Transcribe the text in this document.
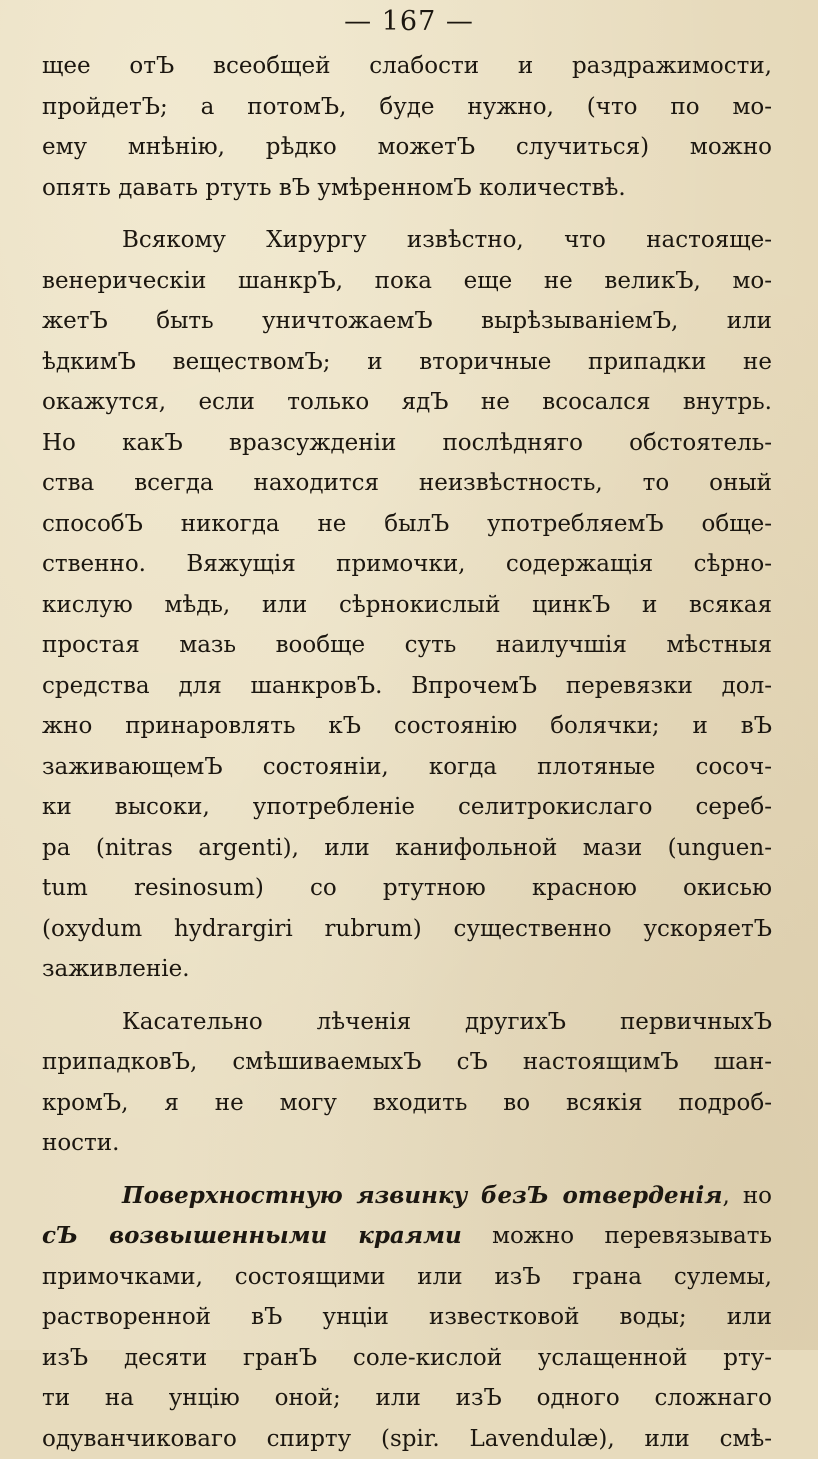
— 167 —
щее отЪ всеобщей слабости и раздражимости,
пройдетЪ; а потомЪ, буде нужно, (что по мо-
ему мнѣнію, рѣдко можетЪ случиться) можно
опять давать ртуть вЪ умѣренномЪ количествѣ.
Всякому Хирургу извѣстно, что настояще-
венерическіи шанкрЪ, пока еще не великЪ, мо-
жетЪ быть уничтожаемЪ вырѣзываніемЪ, или
ѣдкимЪ веществомЪ; и вторичные припадки не
окажутся, если только ядЪ не всосался внутрь.
Но какЪ вразсужденіи послѣдняго обстоятель-
ства всегда находится неизвѣстность, то оный
способЪ никогда не былЪ употребляемЪ обще-
ственно. Вяжущія примочки, содержащія сѣрно-
кислую мѣдь, или сѣрнокислый цинкЪ и всякая
простая мазь вообще суть наилучшія мѣстныя
средства для шанкровЪ. ВпрочемЪ перевязки дол-
жно принаровлять кЪ состоянію болячки; и вЪ
заживающемЪ состояніи, когда плотяные сосоч-
ки высоки, употребленіе селитрокислаго сереб-
ра (nitras argenti), или канифольной мази (unguen-
tum resinosum) со ртутною красною окисью
(oxydum hydrargiri rubrum) существенно ускоряетЪ
заживленіе.
Касательно лѣченія другихЪ первичныхЪ
припадковЪ, смѣшиваемыхЪ сЪ настоящимЪ шан-
кромЪ, я не могу входить во всякія подроб-
ности.
Поверхностную язвинку безЪ отверденія, но
сЪ возвышенными краями можно перевязывать
примочками, состоящими или изЪ грана сулемы,
растворенной вЪ унціи известковой воды; или
изЪ десяти гранЪ соле-кислой услащенной рту-
ти на унцію оной; или изЪ одного сложнаго
одуванчиковаго спирту (spir. Lavendulæ), или смѣ-
